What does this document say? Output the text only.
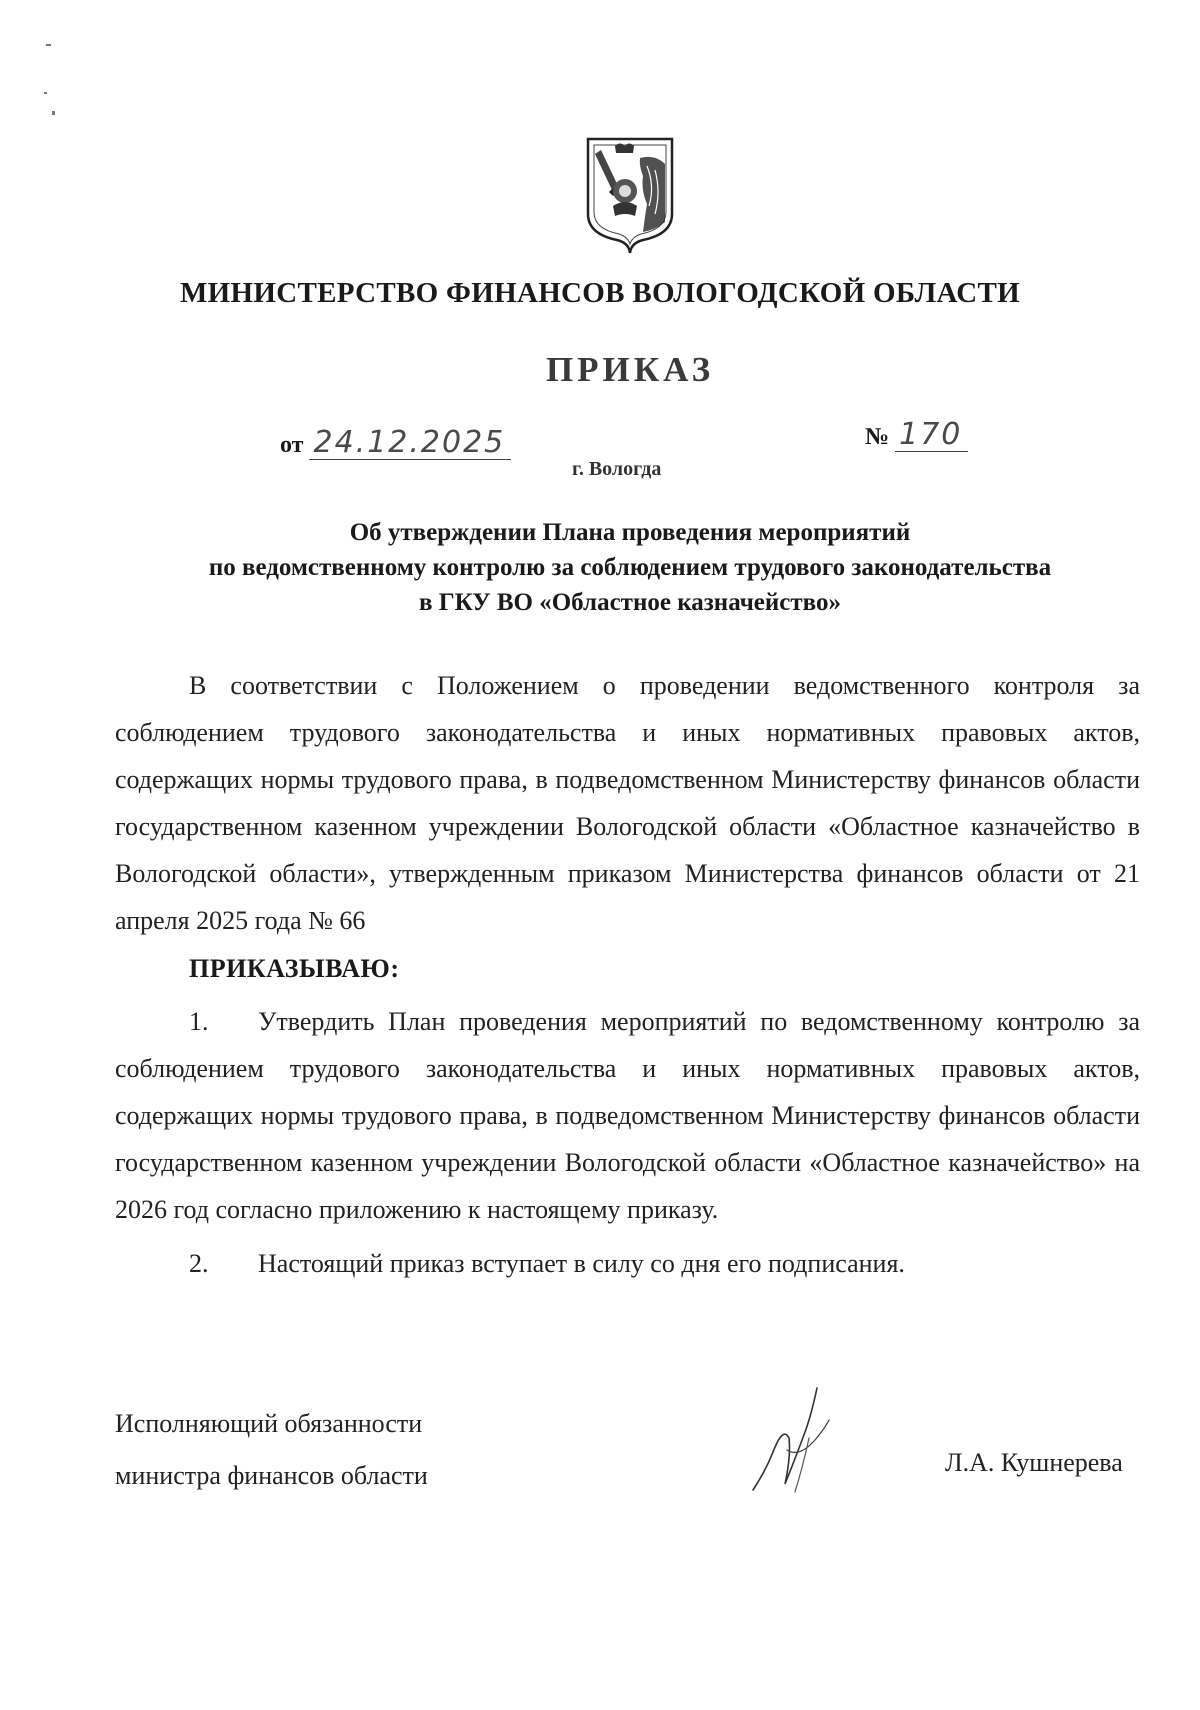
МИНИСТЕРСТВО ФИНАНСОВ ВОЛОГОДСКОЙ ОБЛАСТИ
ПРИКАЗ
от 24.12.2025	№ 170
г. Вологда
Об утверждении Плана проведения мероприятий
по ведомственному контролю за соблюдением трудового законодательства
в ГКУ ВО «Областное казначейство»
В соответствии с Положением о проведении ведомственного контроля за соблюдением трудового законодательства и иных нормативных правовых актов, содержащих нормы трудового права, в подведомственном Министерству финансов области государственном казенном учреждении Вологодской области «Областное казначейство в Вологодской области», утвержденным приказом Министерства финансов области от 21 апреля 2025 года № 66
ПРИКАЗЫВАЮ:
1. Утвердить План проведения мероприятий по ведомственному контролю за соблюдением трудового законодательства и иных нормативных правовых актов, содержащих нормы трудового права, в подведомственном Министерству финансов области государственном казенном учреждении Вологодской области «Областное казначейство» на 2026 год согласно приложению к настоящему приказу.
2. Настоящий приказ вступает в силу со дня его подписания.
Исполняющий обязанности
министра финансов области	Л.А. Кушнерева
